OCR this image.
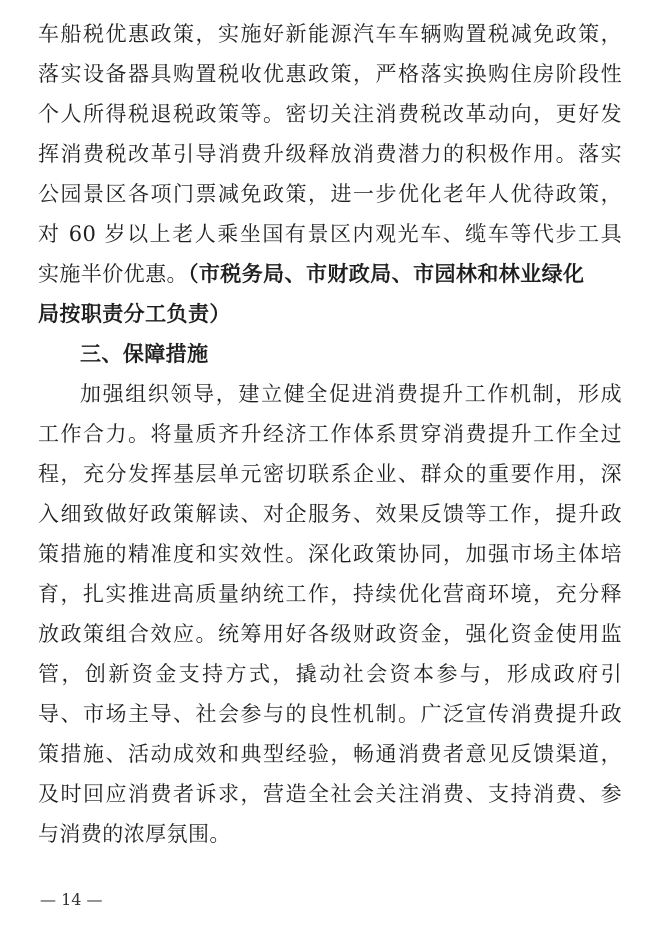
车船税优惠政策，实施好新能源汽车车辆购置税减免政策，
落实设备器具购置税收优惠政策，严格落实换购住房阶段性
个人所得税退税政策等。密切关注消费税改革动向，更好发
挥消费税改革引导消费升级释放消费潜力的积极作用。落实
公园景区各项门票减免政策，进一步优化老年人优待政策，
对 60 岁以上老人乘坐国有景区内观光车、缆车等代步工具
实施半价优惠。（市税务局、市财政局、市园林和林业绿化
局按职责分工负责）
三、保障措施
加强组织领导，建立健全促进消费提升工作机制，形成
工作合力。将量质齐升经济工作体系贯穿消费提升工作全过
程，充分发挥基层单元密切联系企业、群众的重要作用，深
入细致做好政策解读、对企服务、效果反馈等工作，提升政
策措施的精准度和实效性。深化政策协同，加强市场主体培
育，扎实推进高质量纳统工作，持续优化营商环境，充分释
放政策组合效应。统筹用好各级财政资金，强化资金使用监
管，创新资金支持方式，撬动社会资本参与，形成政府引
导、市场主导、社会参与的良性机制。广泛宣传消费提升政
策措施、活动成效和典型经验，畅通消费者意见反馈渠道，
及时回应消费者诉求，营造全社会关注消费、支持消费、参
与消费的浓厚氛围。
— 14 —
